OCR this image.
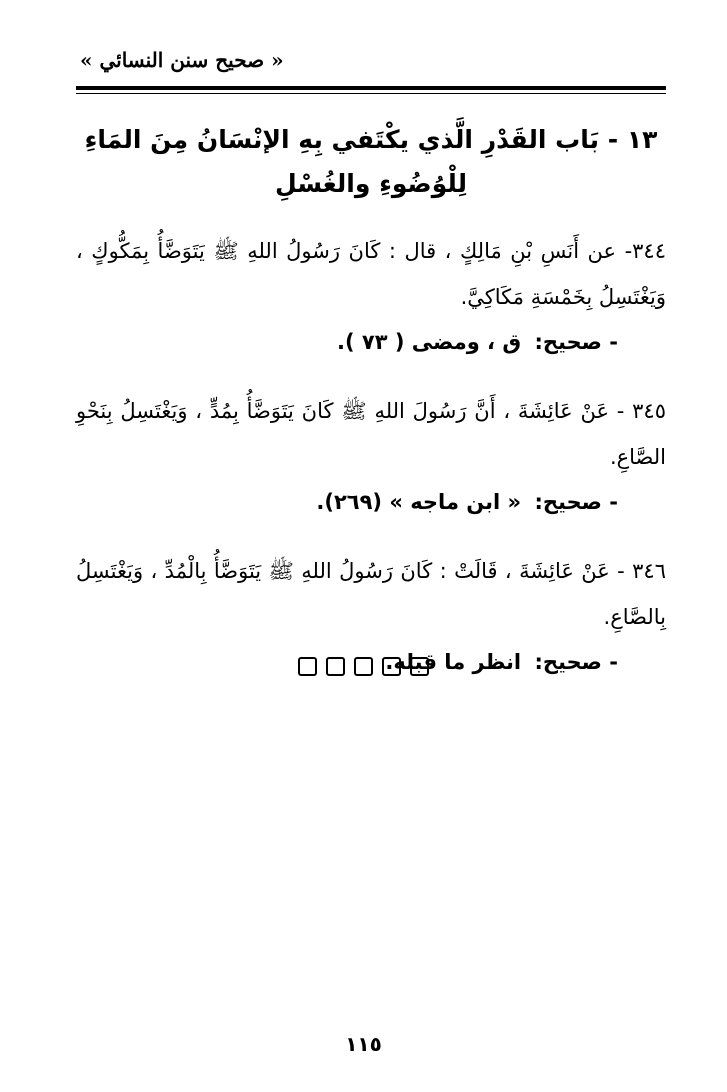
« صحيح سنن النسائي »
١٣ - بَاب القَدْرِ الَّذي يكْتَفي بِهِ الإنْسَانُ مِنَ المَاءِ لِلْوُضُوءِ والغُسْلِ

٣٤٤- عن أَنَسِ بْنِ مَالِكٍ ، قال : كَانَ رَسُولُ اللهِ ﷺ يَتَوَضَّأُ بِمَكُّوكٍ ، وَيَغْتَسِلُ بِخَمْسَةِ مَكَاكِيَّ.

- صحيح: ق ، ومضى ( ٧٣ ).

٣٤٥ - عَنْ عَائِشَةَ ، أَنَّ رَسُولَ اللهِ ﷺ كَانَ يَتَوَضَّأُ بِمُدٍّ ، وَيَغْتَسِلُ بِنَحْوِ الصَّاعِ.

- صحيح: « ابن ماجه » (٢٦٩).

٣٤٦ - عَنْ عَائِشَةَ ، قَالَتْ : كَانَ رَسُولُ اللهِ ﷺ يَتَوَضَّأُ بِالْمُدِّ ، وَيَغْتَسِلُ بِالصَّاعِ.

- صحيح: انظر ما قبله.

١١٥
